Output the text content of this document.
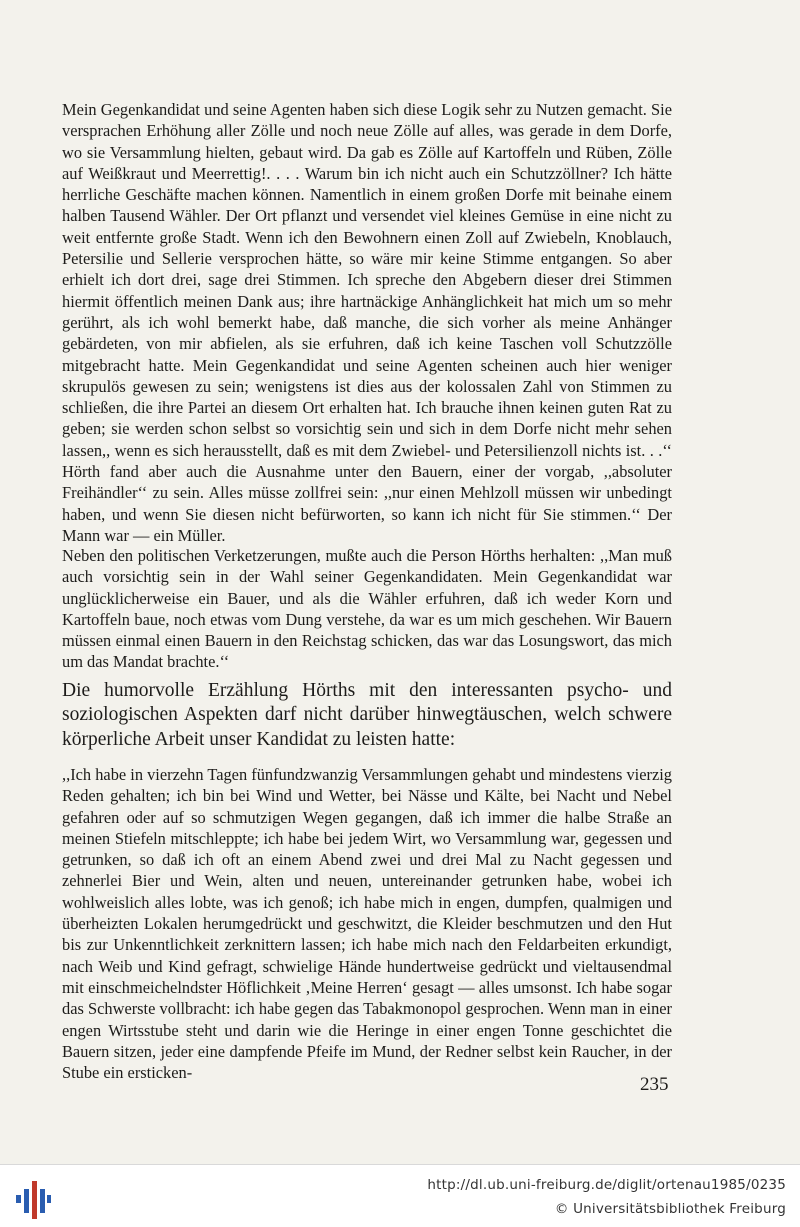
Mein Gegenkandidat und seine Agenten haben sich diese Logik sehr zu Nutzen gemacht. Sie versprachen Erhöhung aller Zölle und noch neue Zölle auf alles, was gerade in dem Dorfe, wo sie Versammlung hielten, gebaut wird. Da gab es Zölle auf Kartoffeln und Rüben, Zölle auf Weißkraut und Meerrettig!. . . . Warum bin ich nicht auch ein Schutzzöllner? Ich hätte herrliche Geschäfte machen können. Namentlich in einem großen Dorfe mit beinahe einem halben Tausend Wähler. Der Ort pflanzt und versendet viel kleines Gemüse in eine nicht zu weit entfernte große Stadt. Wenn ich den Bewohnern einen Zoll auf Zwiebeln, Knoblauch, Petersilie und Sellerie versprochen hätte, so wäre mir keine Stimme entgangen. So aber erhielt ich dort drei, sage drei Stimmen. Ich spreche den Abgebern dieser drei Stimmen hiermit öffentlich meinen Dank aus; ihre hartnäckige Anhänglichkeit hat mich um so mehr gerührt, als ich wohl bemerkt habe, daß manche, die sich vorher als meine Anhänger gebärdeten, von mir abfielen, als sie erfuhren, daß ich keine Taschen voll Schutzzölle mitgebracht hatte. Mein Gegenkandidat und seine Agenten scheinen auch hier weniger skrupulös gewesen zu sein; wenigstens ist dies aus der kolossalen Zahl von Stimmen zu schließen, die ihre Partei an diesem Ort erhalten hat. Ich brauche ihnen keinen guten Rat zu geben; sie werden schon selbst so vorsichtig sein und sich in dem Dorfe nicht mehr sehen lassen,, wenn es sich herausstellt, daß es mit dem Zwiebel- und Petersilienzoll nichts ist. . .‘‘ Hörth fand aber auch die Ausnahme unter den Bauern, einer der vorgab, ,,absoluter Freihändler‘‘ zu sein. Alles müsse zollfrei sein: ,,nur einen Mehlzoll müssen wir unbedingt haben, und wenn Sie diesen nicht befürworten, so kann ich nicht für Sie stimmen.‘‘ Der Mann war — ein Müller.

Neben den politischen Verketzerungen, mußte auch die Person Hörths herhalten: ,,Man muß auch vorsichtig sein in der Wahl seiner Gegenkandidaten. Mein Gegenkandidat war unglücklicherweise ein Bauer, und als die Wähler erfuhren, daß ich weder Korn und Kartoffeln baue, noch etwas vom Dung verstehe, da war es um mich geschehen. Wir Bauern müssen einmal einen Bauern in den Reichstag schicken, das war das Losungswort, das mich um das Mandat brachte.‘‘

Die humorvolle Erzählung Hörths mit den interessanten psycho- und soziologischen Aspekten darf nicht darüber hinwegtäuschen, welch schwere körperliche Arbeit unser Kandidat zu leisten hatte:

,,Ich habe in vierzehn Tagen fünfundzwanzig Versammlungen gehabt und mindestens vierzig Reden gehalten; ich bin bei Wind und Wetter, bei Nässe und Kälte, bei Nacht und Nebel gefahren oder auf so schmutzigen Wegen gegangen, daß ich immer die halbe Straße an meinen Stiefeln mitschleppte; ich habe bei jedem Wirt, wo Versammlung war, gegessen und getrunken, so daß ich oft an einem Abend zwei und drei Mal zu Nacht gegessen und zehnerlei Bier und Wein, alten und neuen, untereinander getrunken habe, wobei ich wohlweislich alles lobte, was ich genoß; ich habe mich in engen, dumpfen, qualmigen und überheizten Lokalen herumgedrückt und geschwitzt, die Kleider beschmutzen und den Hut bis zur Unkenntlichkeit zerknittern lassen; ich habe mich nach den Feldarbeiten erkundigt, nach Weib und Kind gefragt, schwielige Hände hundertweise gedrückt und vieltausendmal mit einschmeichelndster Höflichkeit ‚Meine Herren‘ gesagt — alles umsonst. Ich habe sogar das Schwerste vollbracht: ich habe gegen das Tabakmonopol gesprochen. Wenn man in einer engen Wirtsstube steht und darin wie die Heringe in einer engen Tonne geschichtet die Bauern sitzen, jeder eine dampfende Pfeife im Mund, der Redner selbst kein Raucher, in der Stube ein ersticken-

235
http://dl.ub.uni-freiburg.de/diglit/ortenau1985/0235
© Universitätsbibliothek Freiburg
